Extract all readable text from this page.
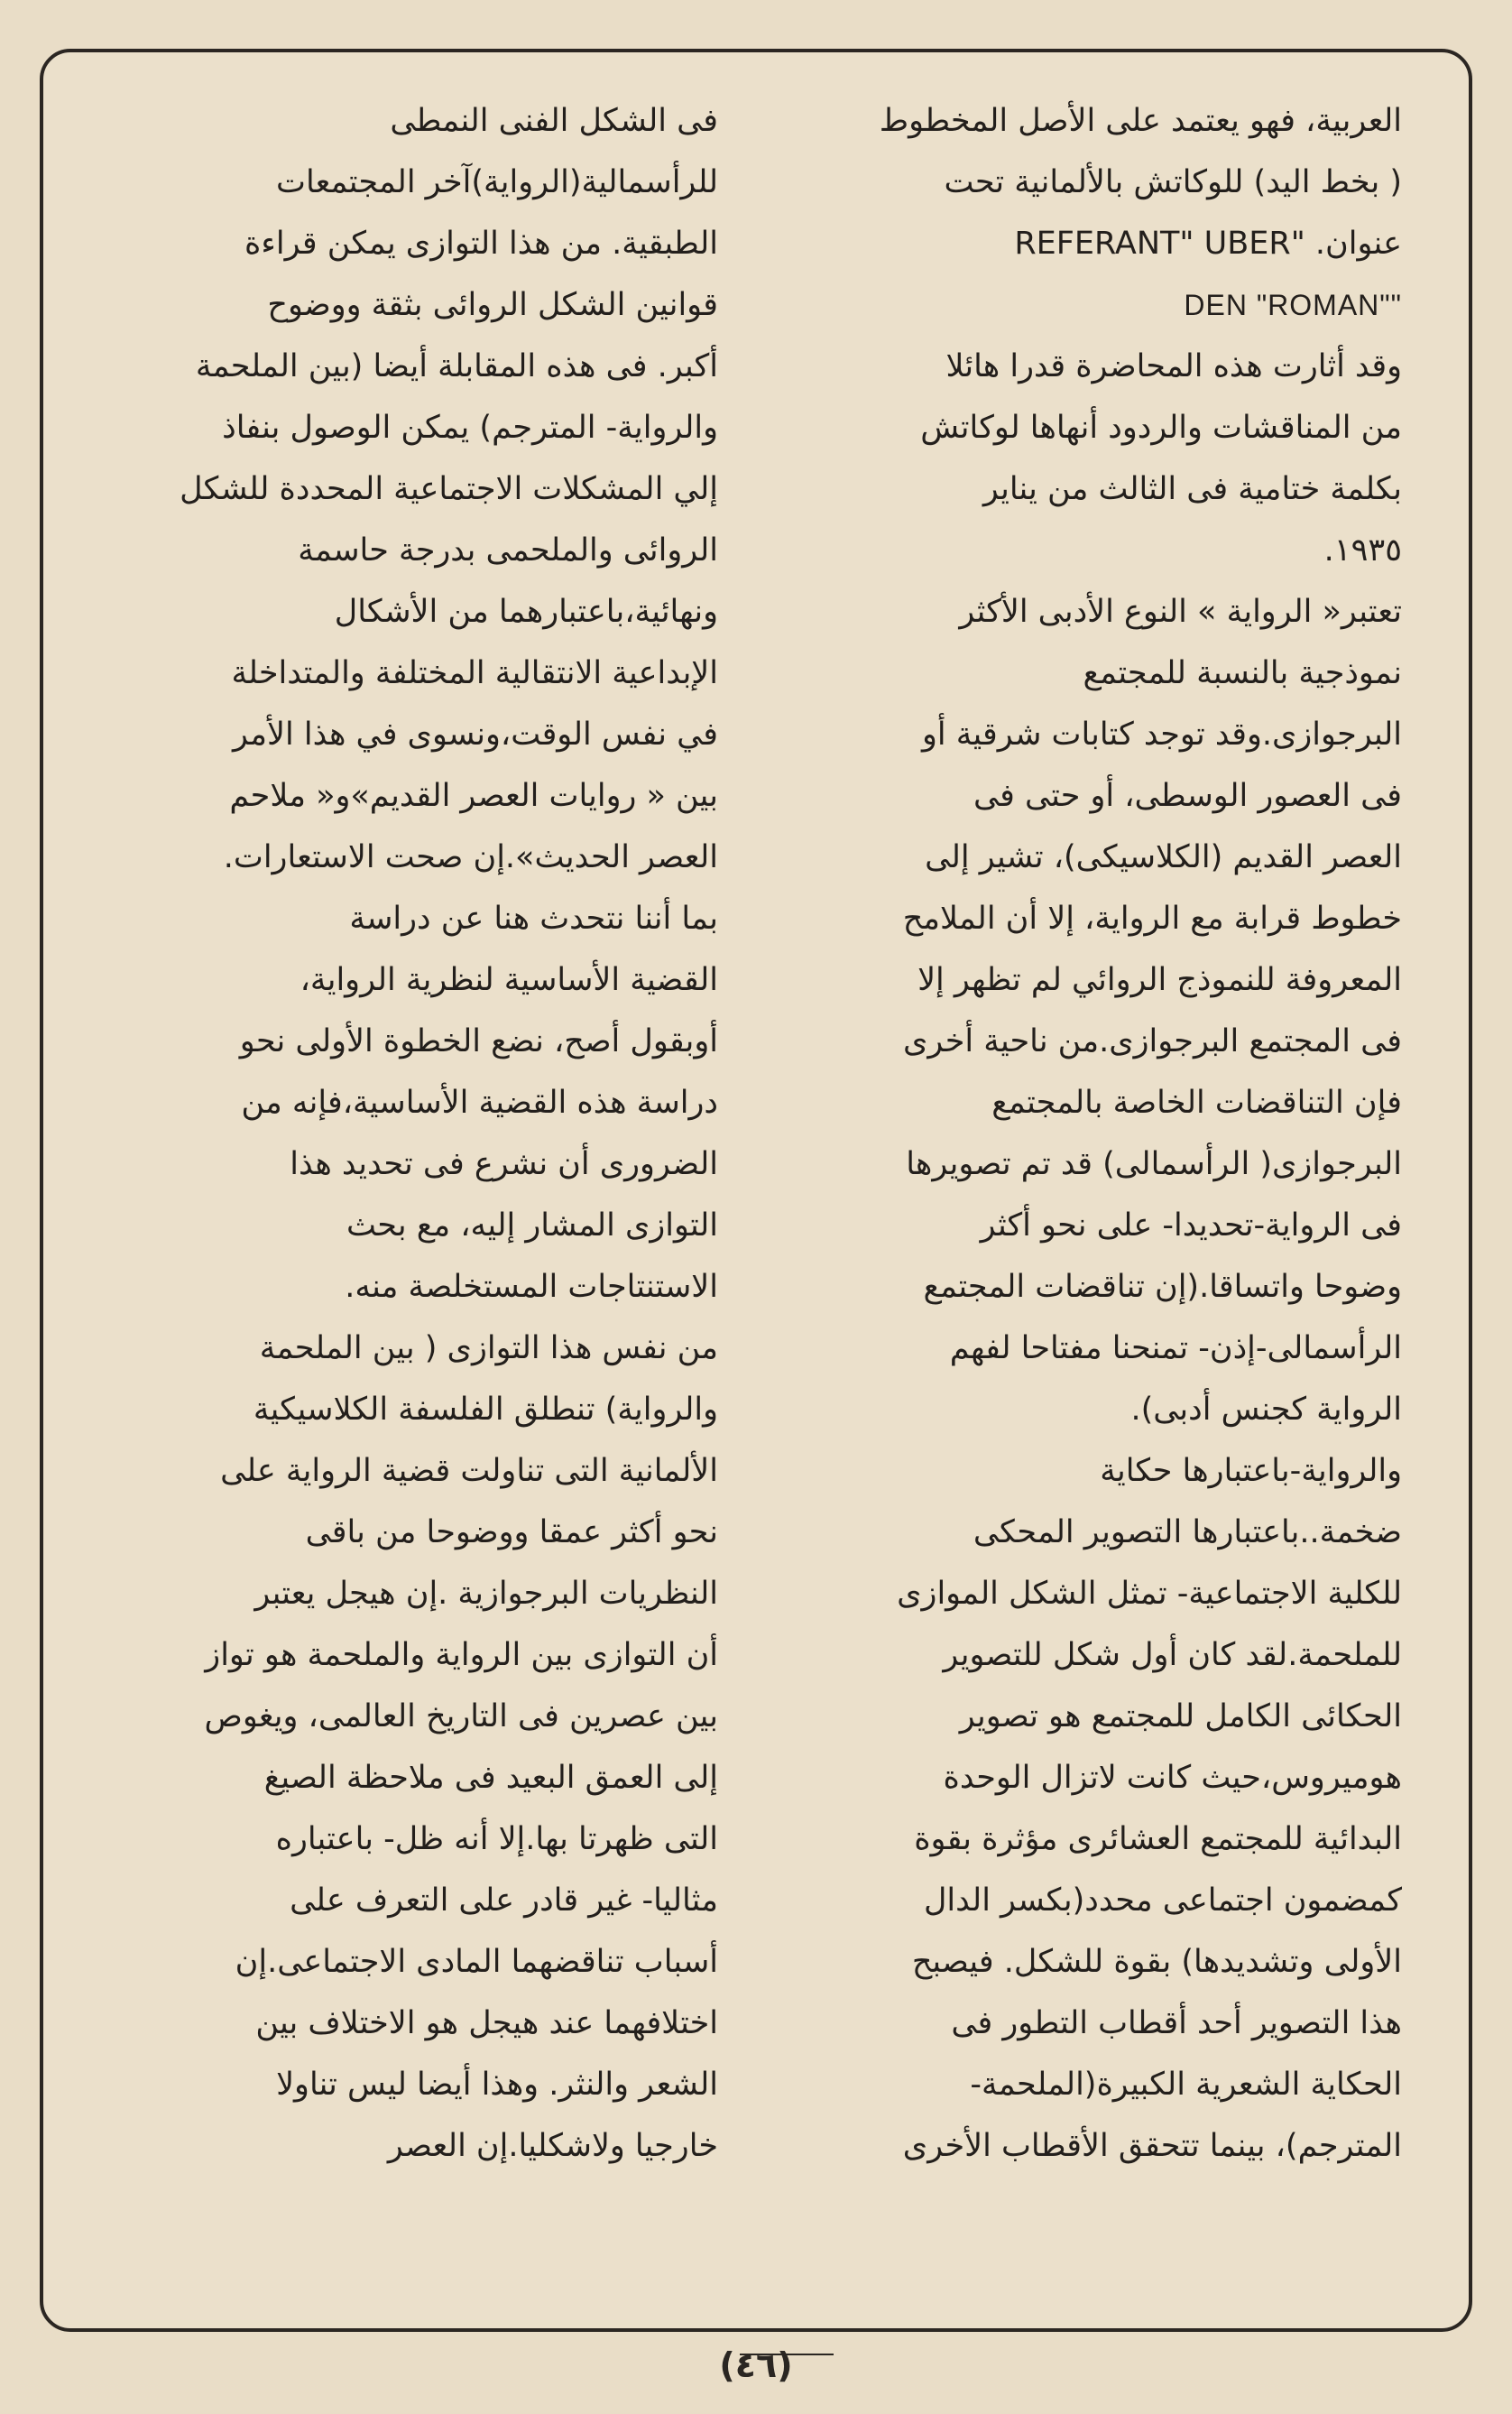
العربية، فهو يعتمد على الأصل المخطوط
( بخط اليد) للوكاتش بالألمانية تحت
عنوان. "REFERANT" UBER
DEN "ROMAN""
وقد أثارت هذه المحاضرة قدرا هائلا
من المناقشات والردود أنهاها لوكاتش
بكلمة ختامية فى الثالث من يناير
١٩٣٥.
تعتبر« الرواية » النوع الأدبى الأكثر
نموذجية بالنسبة للمجتمع
البرجوازى.وقد توجد كتابات شرقية أو
فى العصور الوسطى، أو حتى فى
العصر القديم (الكلاسيكى)، تشير إلى
خطوط قرابة مع الرواية، إلا أن الملامح
المعروفة للنموذج الروائي لم تظهر إلا
فى المجتمع البرجوازى.من ناحية أخرى
فإن التناقضات الخاصة بالمجتمع
البرجوازى( الرأسمالى) قد تم تصويرها
فى الرواية-تحديدا- على نحو أكثر
وضوحا واتساقا.(إن تناقضات المجتمع
الرأسمالى-إذن- تمنحنا مفتاحا لفهم
الرواية كجنس أدبى).
والرواية-باعتبارها حكاية
ضخمة..باعتبارها التصوير المحكى
للكلية الاجتماعية- تمثل الشكل الموازى
للملحمة.لقد كان أول شكل للتصوير
الحكائى الكامل للمجتمع هو تصوير
هوميروس،حيث كانت لاتزال الوحدة
البدائية للمجتمع العشائرى مؤثرة بقوة
كمضمون اجتماعى محدد(بكسر الدال
الأولى وتشديدها) بقوة للشكل. فيصبح
هذا التصوير أحد أقطاب التطور فى
الحكاية الشعرية الكبيرة(الملحمة-
المترجم)، بينما تتحقق الأقطاب الأخرى
فى الشكل الفنى النمطى
للرأسمالية(الرواية)آخر المجتمعات
الطبقية. من هذا التوازى يمكن قراءة
قوانين الشكل الروائى بثقة ووضوح
أكبر. فى هذه المقابلة أيضا (بين الملحمة
والرواية- المترجم) يمكن الوصول بنفاذ
إلي المشكلات الاجتماعية المحددة للشكل
الروائى والملحمى بدرجة حاسمة
ونهائية،باعتبارهما من الأشكال
الإبداعية الانتقالية المختلفة والمتداخلة
في نفس الوقت،ونسوى في هذا الأمر
بين « روايات العصر القديم»و« ملاحم
العصر الحديث».إن صحت الاستعارات.
بما أننا نتحدث هنا عن دراسة
القضية الأساسية لنظرية الرواية،
أوبقول أصح، نضع الخطوة الأولى نحو
دراسة هذه القضية الأساسية،فإنه من
الضرورى أن نشرع فى تحديد هذا
التوازى المشار إليه، مع بحث
الاستنتاجات المستخلصة منه.
من نفس هذا التوازى ( بين الملحمة
والرواية) تنطلق الفلسفة الكلاسيكية
الألمانية التى تناولت قضية الرواية على
نحو أكثر عمقا ووضوحا من باقى
النظريات البرجوازية .إن هيجل يعتبر
أن التوازى بين الرواية والملحمة هو تواز
بين عصرين فى التاريخ العالمى، ويغوص
إلى العمق البعيد فى ملاحظة الصيغ
التى ظهرتا بها.إلا أنه ظل- باعتباره
مثاليا- غير قادر على التعرف على
أسباب تناقضهما المادى الاجتماعى.إن
اختلافهما عند هيجل هو الاختلاف بين
الشعر والنثر. وهذا أيضا ليس تناولا
خارجيا ولاشكليا.إن العصر
(٤٦)
